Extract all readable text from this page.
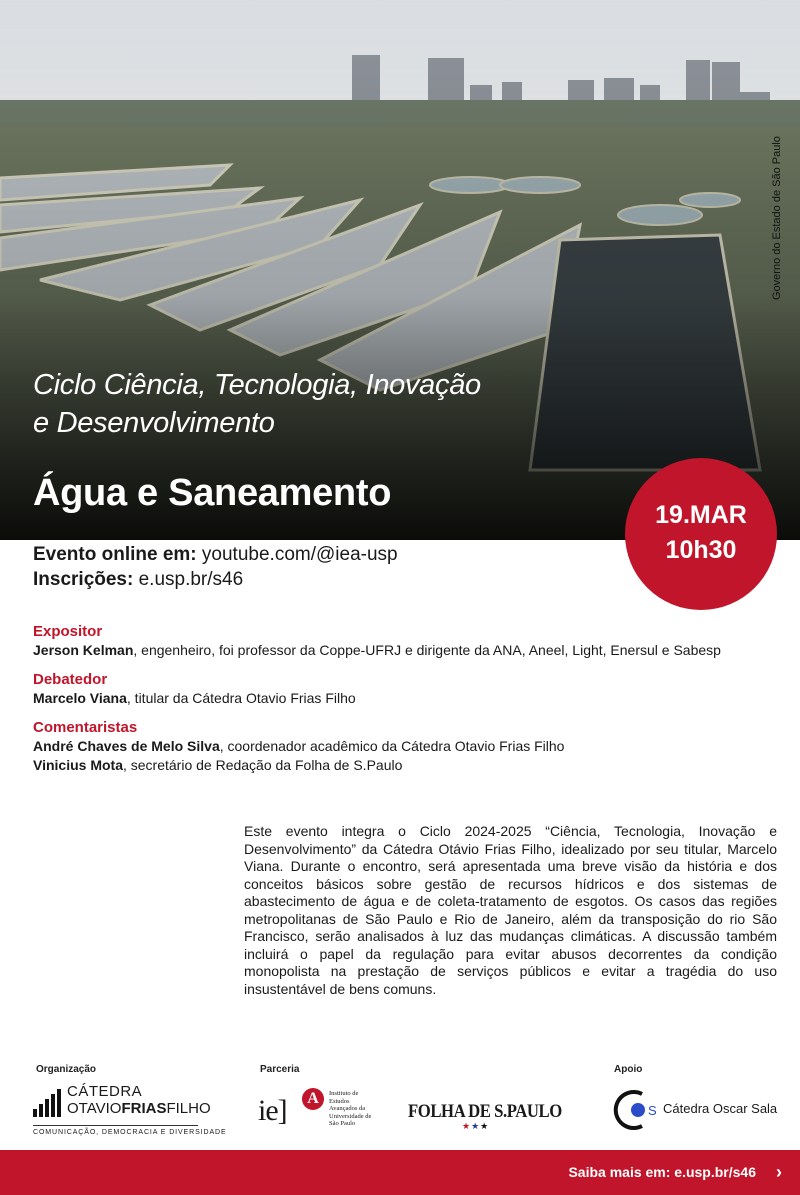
Governo do Estado de São Paulo
Ciclo Ciência, Tecnologia, Inovação
e Desenvolvimento
Água e Saneamento
19.MAR
10h30
Evento online em: youtube.com/@iea-usp
Inscrições: e.usp.br/s46
Expositor
Jerson Kelman, engenheiro, foi professor da Coppe-UFRJ e dirigente da ANA, Aneel, Light, Enersul e Sabesp
Debatedor
Marcelo Viana, titular da Cátedra Otavio Frias Filho
Comentaristas
André Chaves de Melo Silva, coordenador acadêmico da Cátedra Otavio Frias Filho
Vinicius Mota, secretário de Redação da Folha de S.Paulo
Este evento integra o Ciclo 2024-2025 “Ciência, Tecnologia, Inovação e Desenvolvimento” da Cátedra Otávio Frias Filho, idealizado por seu titular, Marcelo Viana. Durante o encontro, será apresentada uma breve visão da história e dos conceitos básicos sobre gestão de recursos hídricos e dos sistemas de abastecimento de água e de coleta-tratamento de esgotos. Os casos das regiões metropolitanas de São Paulo e Rio de Janeiro, além da transposição do rio São Francisco, serão analisados à luz das mudanças climáticas. A discussão também incluirá o papel da regulação para evitar abusos decorrentes da condição monopolista na prestação de serviços públicos e evitar a tragédia do uso insustentável de bens comuns.
Organização
CÁTEDRA
OTAVIOFRIASFILHO
COMUNICAÇÃO, DEMOCRACIA E DIVERSIDADE
Parceria
ie]	A	Instituto de Estudos Avançados da Universidade de São Paulo
FOLHA DE S.PAULO
★★★
Apoio
S Cátedra Oscar Sala
Saiba mais em: e.usp.br/s46 ›
